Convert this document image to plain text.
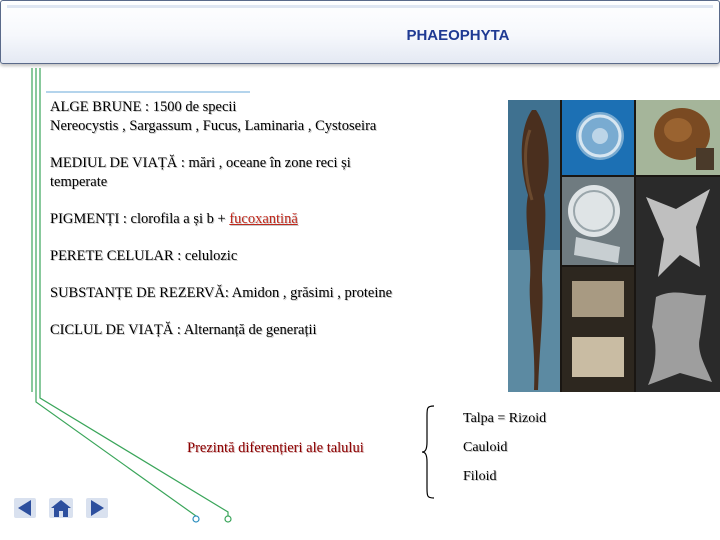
PHAEOPHYTA

ALGE BRUNE : 1500 de specii

Nereocystis , Sargassum , Fucus, Laminaria , Cystoseira

MEDIUL DE VIAȚĂ : mări , oceane în zone reci și

temperate

PIGMENȚI : clorofila a și b + fucoxantină

PERETE CELULAR : celulozic

SUBSTANȚE DE REZERVĂ: Amidon , grăsimi , proteine

CICLUL DE VIAȚĂ : Alternanță de generații

Prezintă diferențieri ale talului
Talpa = Rizoid
Cauloid
Filoid
